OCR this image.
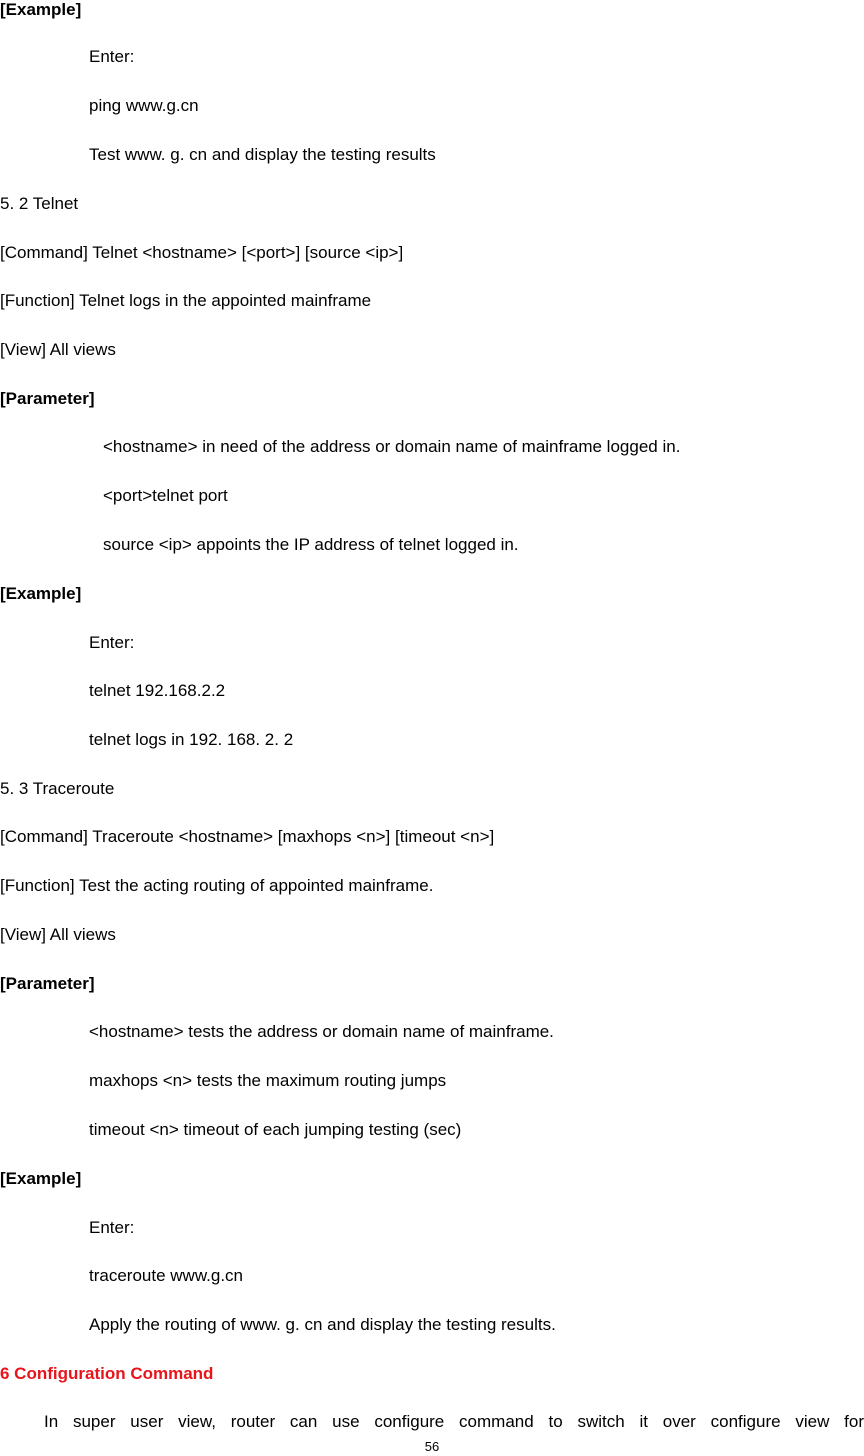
[Example]
Enter:
ping www.g.cn
Test www. g. cn and display the testing results
5. 2 Telnet
[Command] Telnet <hostname> [<port>] [source <ip>]
[Function] Telnet logs in the appointed mainframe
[View] All views
[Parameter]
<hostname> in need of the address or domain name of mainframe logged in.
<port>telnet port
source <ip> appoints the IP address of telnet logged in.
[Example]
Enter:
telnet 192.168.2.2
telnet logs in 192. 168. 2. 2
5. 3 Traceroute
[Command] Traceroute <hostname> [maxhops <n>] [timeout <n>]
[Function] Test the acting routing of appointed mainframe.
[View] All views
[Parameter]
<hostname> tests the address or domain name of mainframe.
maxhops <n> tests the maximum routing jumps
timeout <n> timeout of each jumping testing (sec)
[Example]
Enter:
traceroute www.g.cn
Apply the routing of www. g. cn and display the testing results.
6 Configuration Command
In super user view, router can use configure command to switch it over configure view for
56
